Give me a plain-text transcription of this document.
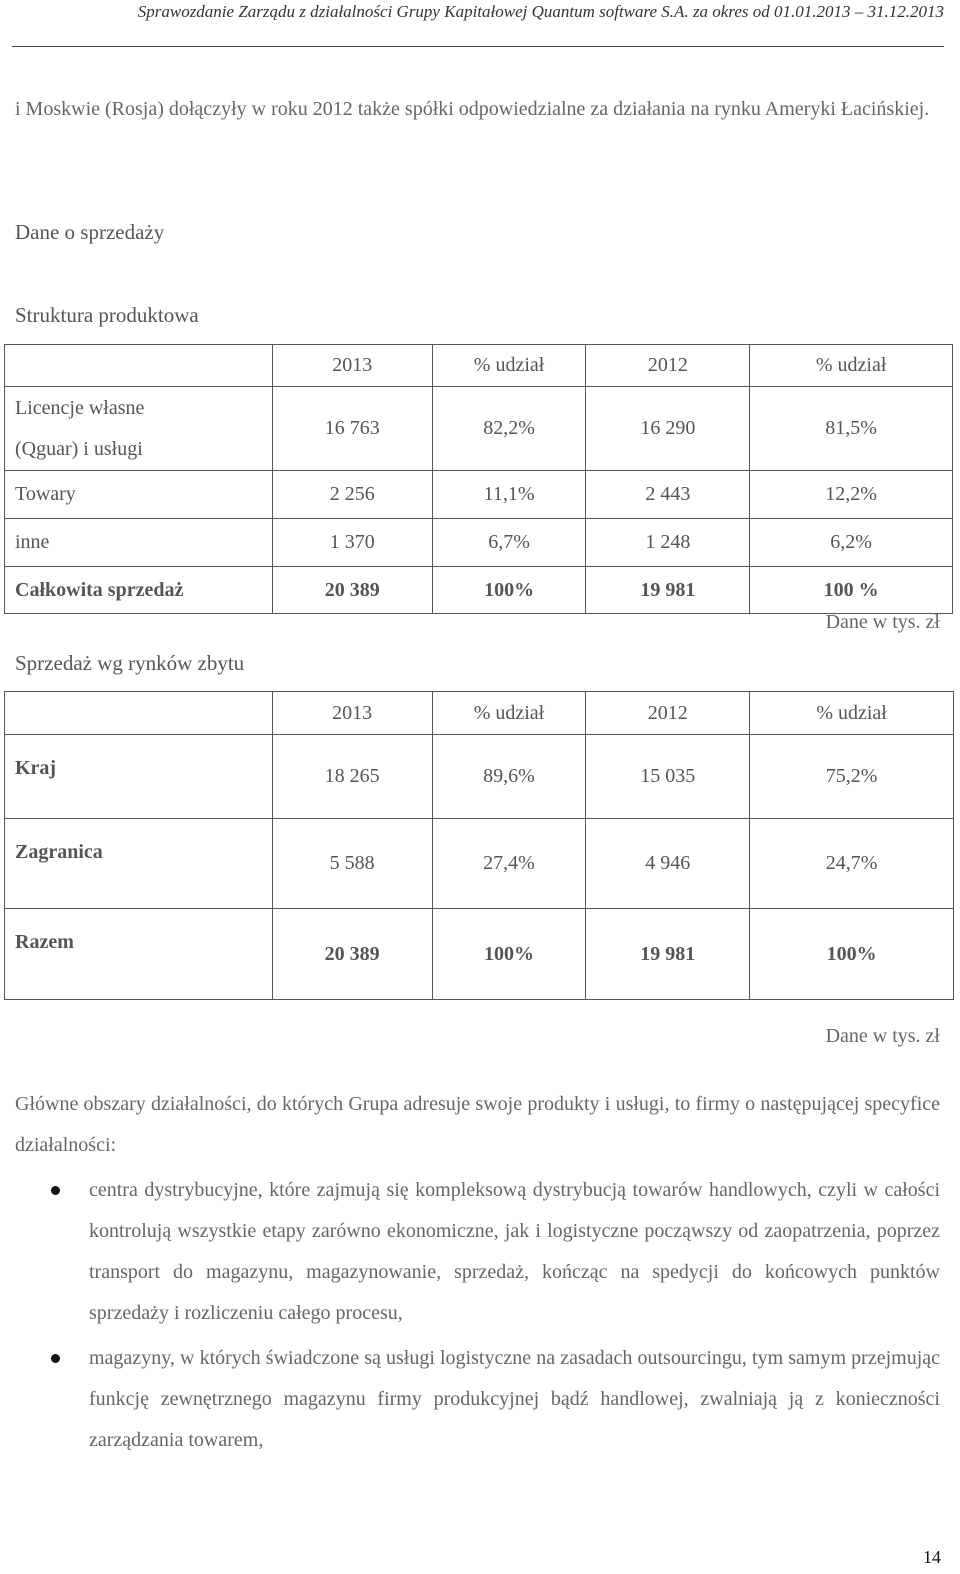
Sprawozdanie Zarządu z działalności Grupy Kapitałowej Quantum software S.A. za okres od 01.01.2013 – 31.12.2013
i Moskwie (Rosja) dołączyły w roku 2012 także spółki odpowiedzialne za działania na rynku Ameryki Łacińskiej.
Dane o sprzedaży
Struktura produktowa
	2013	% udział	2012	% udział
Licencje własne (Qguar) i usługi	16 763	82,2%	16 290	81,5%
Towary	2 256	11,1%	2 443	12,2%
inne	1 370	6,7%	1 248	6,2%
Całkowita sprzedaż	20 389	100%	19 981	100 %
Dane w tys. zł
Sprzedaż wg rynków zbytu
	2013	% udział	2012	% udział
Kraj	18 265	89,6%	15 035	75,2%
Zagranica	5 588	27,4%	4 946	24,7%
Razem	20 389	100%	19 981	100%
Dane w tys. zł
Główne obszary działalności, do których Grupa adresuje swoje produkty i usługi, to firmy o następującej specyfice działalności:
centra dystrybucyjne, które zajmują się kompleksową dystrybucją towarów handlowych, czyli w całości kontrolują wszystkie etapy zarówno ekonomiczne, jak i logistyczne począwszy od zaopatrzenia, poprzez transport do magazynu, magazynowanie, sprzedaż, kończąc na spedycji do końcowych punktów sprzedaży i rozliczeniu całego procesu,
magazyny, w których świadczone są usługi logistyczne na zasadach outsourcingu, tym samym przejmując funkcję zewnętrznego magazynu firmy produkcyjnej bądź handlowej, zwalniają ją z konieczności zarządzania towarem,
14
